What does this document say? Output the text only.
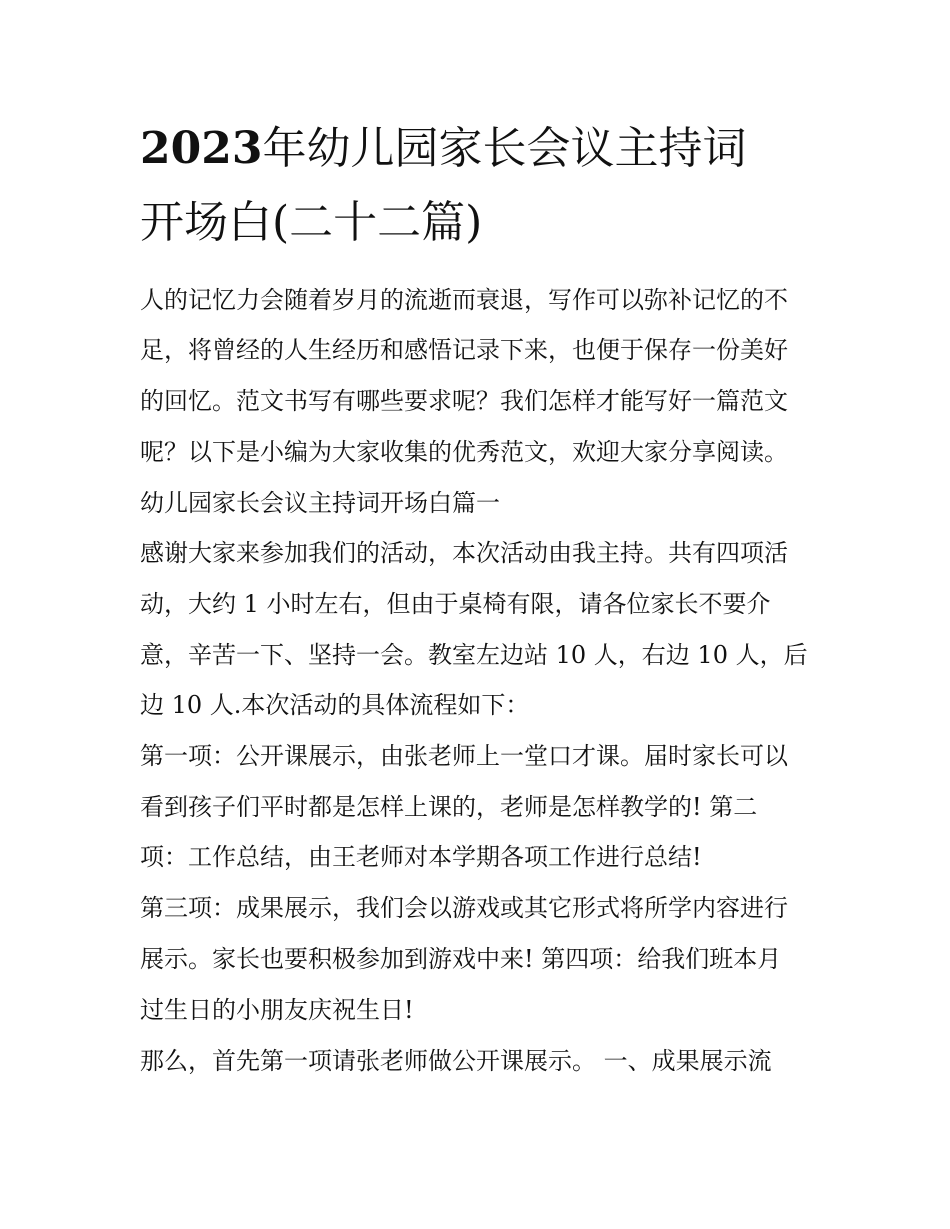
2023年幼儿园家长会议主持词
开场白(二十二篇)

人的记忆力会随着岁月的流逝而衰退，写作可以弥补记忆的不

足，将曾经的人生经历和感悟记录下来，也便于保存一份美好

的回忆。范文书写有哪些要求呢？我们怎样才能写好一篇范文

呢？以下是小编为大家收集的优秀范文，欢迎大家分享阅读。

幼儿园家长会议主持词开场白篇一

感谢大家来参加我们的活动，本次活动由我主持。共有四项活

动，大约 1 小时左右，但由于桌椅有限，请各位家长不要介

意，辛苦一下、坚持一会。教室左边站 10 人，右边 10 人，后

边 10 人.本次活动的具体流程如下：

第一项：公开课展示，由张老师上一堂口才课。届时家长可以

看到孩子们平时都是怎样上课的，老师是怎样教学的! 第二

项：工作总结，由王老师对本学期各项工作进行总结!

第三项：成果展示，我们会以游戏或其它形式将所学内容进行

展示。家长也要积极参加到游戏中来! 第四项：给我们班本月

过生日的小朋友庆祝生日!

那么，首先第一项请张老师做公开课展示。 一、成果展示流
